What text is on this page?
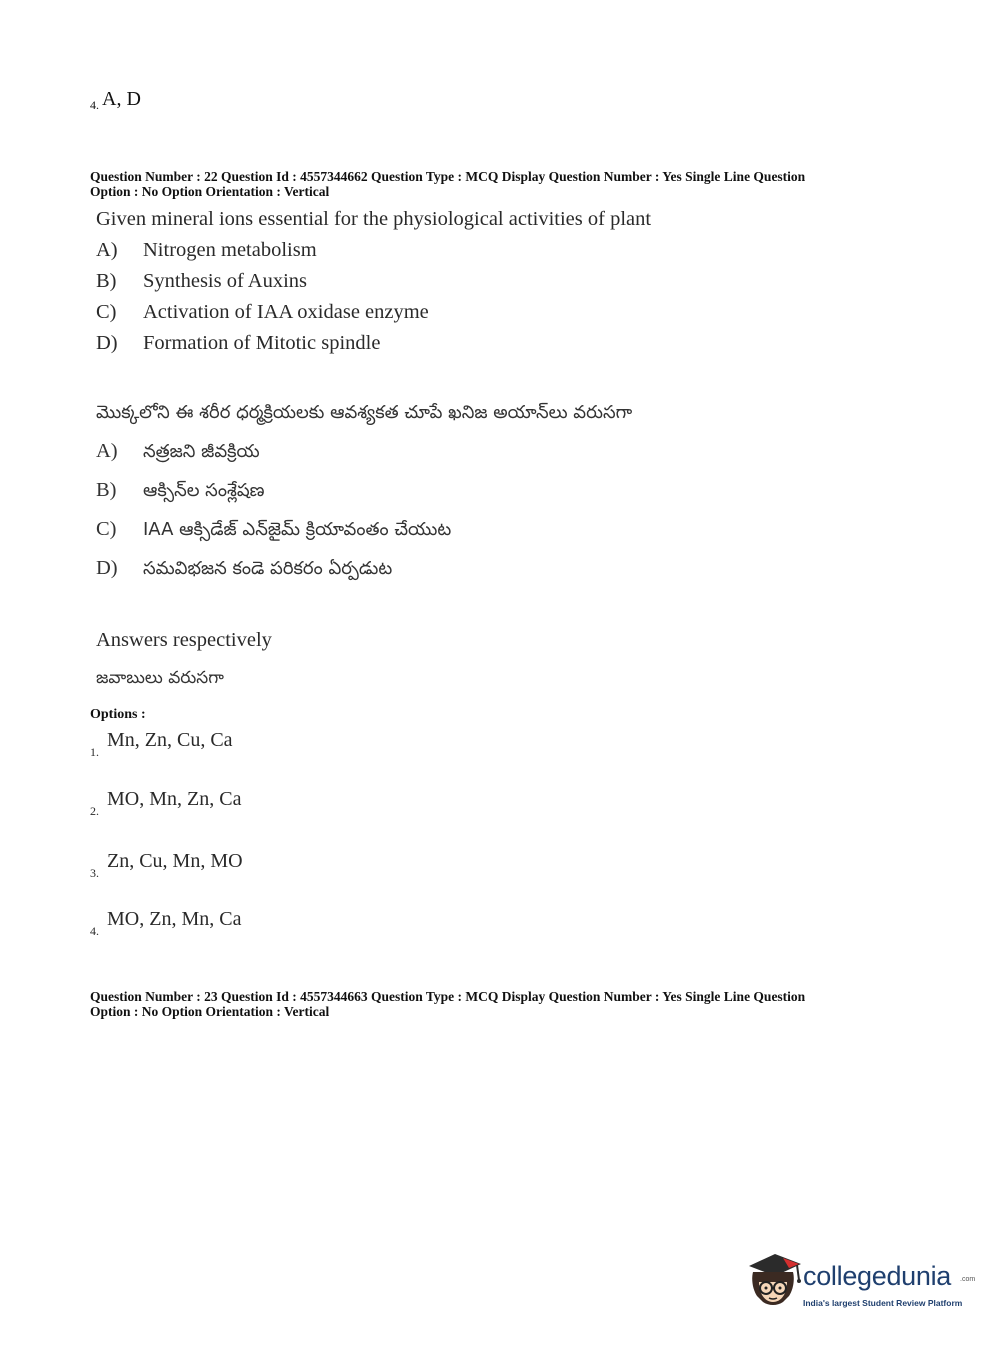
$_{4.}$ A, D
Question Number : 22 Question Id : 4557344662 Question Type : MCQ Display Question Number : Yes Single Line Question
Option : No Option Orientation : Vertical
Given mineral ions essential for the physiological activities of plant
A) Nitrogen metabolism
B) Synthesis of Auxins
C) Activation of IAA oxidase enzyme
D) Formation of Mitotic spindle
మొక్కలోని ఈ శరీర ధర్మక్రియలకు ఆవశ్యకత చూపే ఖనిజ అయాన్‌లు వరుసగా
A) నత్రజని జీవక్రియ
B) ఆక్సిన్‌ల సంశ్లేషణ
C) IAA ఆక్సిడేజ్ ఎన్‌జైమ్ క్రియావంతం చేయుట
D) సమవిభజన కండె పరికరం ఏర్పడుట
Answers respectively
జవాబులు వరుసగా
Options :
1.Mn, Zn, Cu, Ca
2.MO, Mn, Zn, Ca
3.Zn, Cu, Mn, MO
4.MO, Zn, Mn, Ca
Question Number : 23 Question Id : 4557344663 Question Type : MCQ Display Question Number : Yes Single Line Question
Option : No Option Orientation : Vertical
collegedunia .com
India's largest Student Review Platform
